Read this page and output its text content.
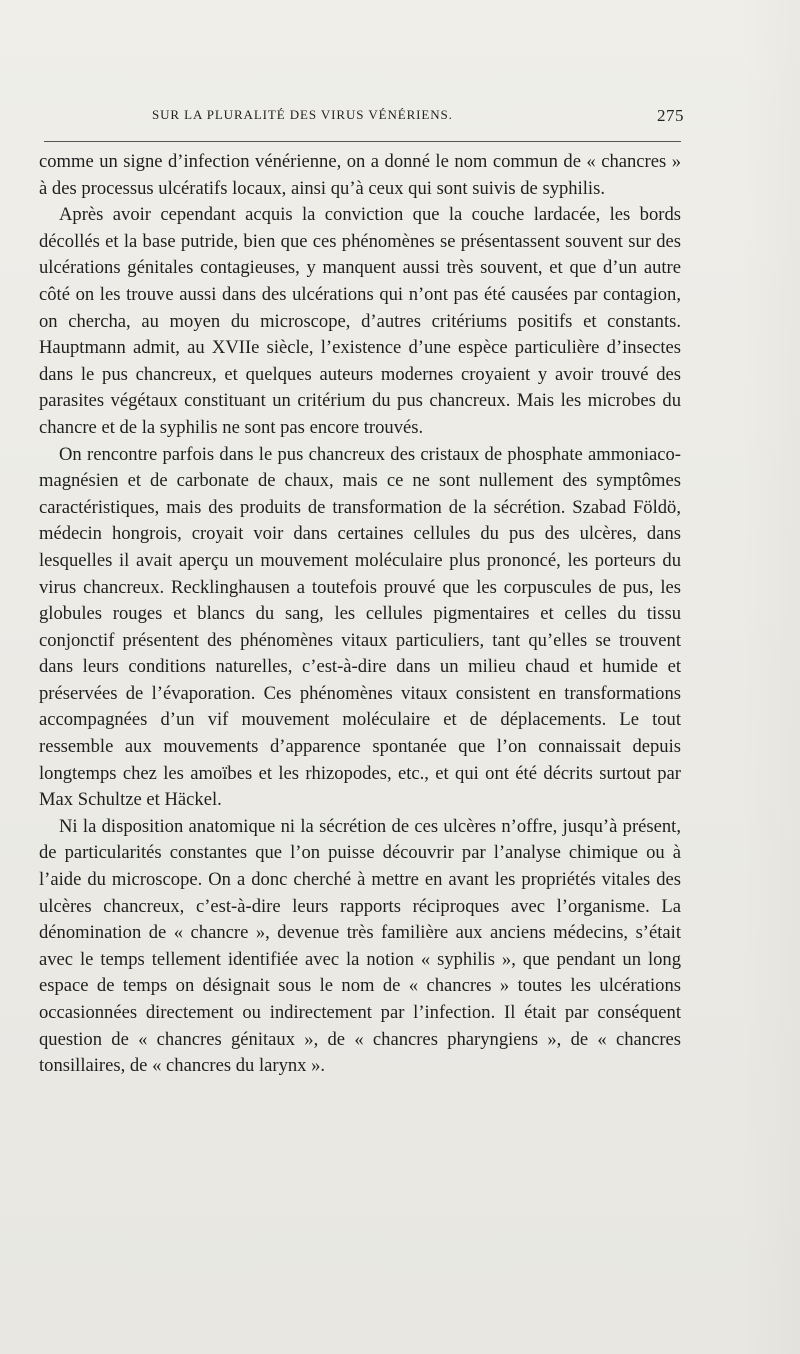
SUR LA PLURALITÉ DES VIRUS VÉNÉRIENS.	275

comme un signe d’infection vénérienne, on a donné le nom commun de « chancres » à des processus ulcératifs locaux, ainsi qu’à ceux qui sont suivis de syphilis.

Après avoir cependant acquis la conviction que la couche lardacée, les bords décollés et la base putride, bien que ces phénomènes se présentassent souvent sur des ulcérations génitales contagieuses, y manquent aussi très souvent, et que d’un autre côté on les trouve aussi dans des ulcérations qui n’ont pas été causées par contagion, on chercha, au moyen du microscope, d’autres critériums positifs et constants. Hauptmann admit, au XVIIe siècle, l’existence d’une espèce particulière d’insectes dans le pus chancreux, et quelques auteurs modernes croyaient y avoir trouvé des parasites végétaux constituant un critérium du pus chancreux. Mais les microbes du chancre et de la syphilis ne sont pas encore trouvés.

On rencontre parfois dans le pus chancreux des cristaux de phosphate ammoniaco-magnésien et de carbonate de chaux, mais ce ne sont nullement des symptômes caractéristiques, mais des produits de transformation de la sécrétion. Szabad Földö, médecin hongrois, croyait voir dans certaines cellules du pus des ulcères, dans lesquelles il avait aperçu un mouvement moléculaire plus prononcé, les porteurs du virus chancreux. Recklinghausen a toutefois prouvé que les corpuscules de pus, les globules rouges et blancs du sang, les cellules pigmentaires et celles du tissu conjonctif présentent des phénomènes vitaux particuliers, tant qu’elles se trouvent dans leurs conditions naturelles, c’est-à-dire dans un milieu chaud et humide et préservées de l’évaporation. Ces phénomènes vitaux consistent en transformations accompagnées d’un vif mouvement moléculaire et de déplacements. Le tout ressemble aux mouvements d’apparence spontanée que l’on connaissait depuis longtemps chez les amoïbes et les rhizopodes, etc., et qui ont été décrits surtout par Max Schultze et Häckel.

Ni la disposition anatomique ni la sécrétion de ces ulcères n’offre, jusqu’à présent, de particularités constantes que l’on puisse découvrir par l’analyse chimique ou à l’aide du microscope. On a donc cherché à mettre en avant les propriétés vitales des ulcères chancreux, c’est-à-dire leurs rapports réciproques avec l’organisme. La dénomination de « chancre », devenue très familière aux anciens médecins, s’était avec le temps tellement identifiée avec la notion « syphilis », que pendant un long espace de temps on désignait sous le nom de « chancres » toutes les ulcérations occasionnées directement ou indirectement par l’infection. Il était par conséquent question de « chancres génitaux », de « chancres pharyngiens », de « chancres tonsillaires, de « chancres du larynx ».
